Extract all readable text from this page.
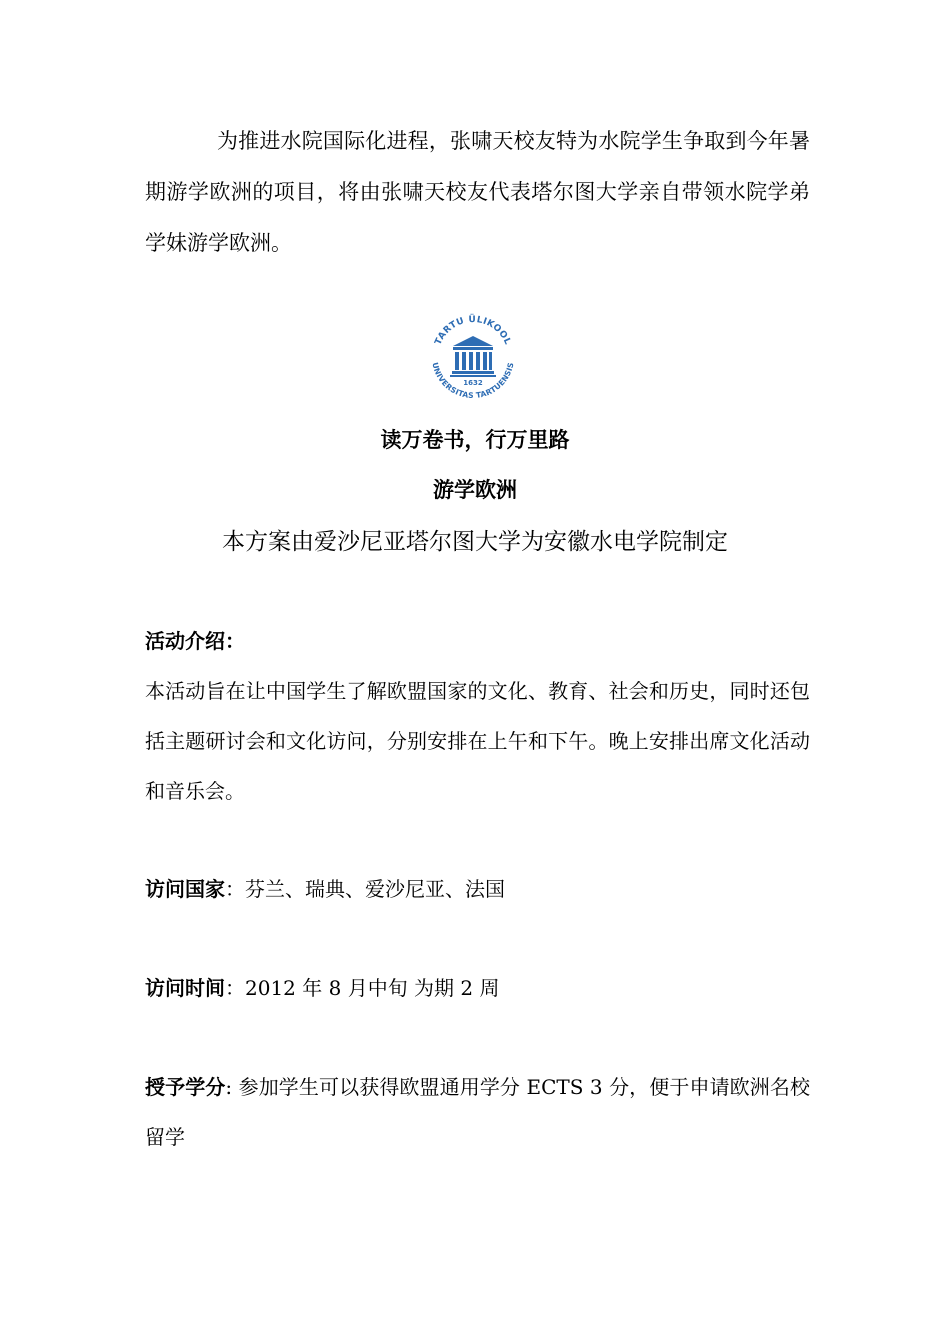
为推进水院国际化进程，张啸天校友特为水院学生争取到今年暑期游学欧洲的项目，将由张啸天校友代表塔尔图大学亲自带领水院学弟学妹游学欧洲。

TARTU ÜLIKOOL
UNIVERSITAS TARTUENSIS
1632

读万卷书，行万里路

游学欧洲

本方案由爱沙尼亚塔尔图大学为安徽水电学院制定

活动介绍：

本活动旨在让中国学生了解欧盟国家的文化、教育、社会和历史，同时还包括主题研讨会和文化访问，分别安排在上午和下午。晚上安排出席文化活动和音乐会。

访问国家：芬兰、瑞典、爱沙尼亚、法国

访问时间：2012 年 8 月中旬 为期 2 周

授予学分: 参加学生可以获得欧盟通用学分 ECTS 3 分，便于申请欧洲名校留学
